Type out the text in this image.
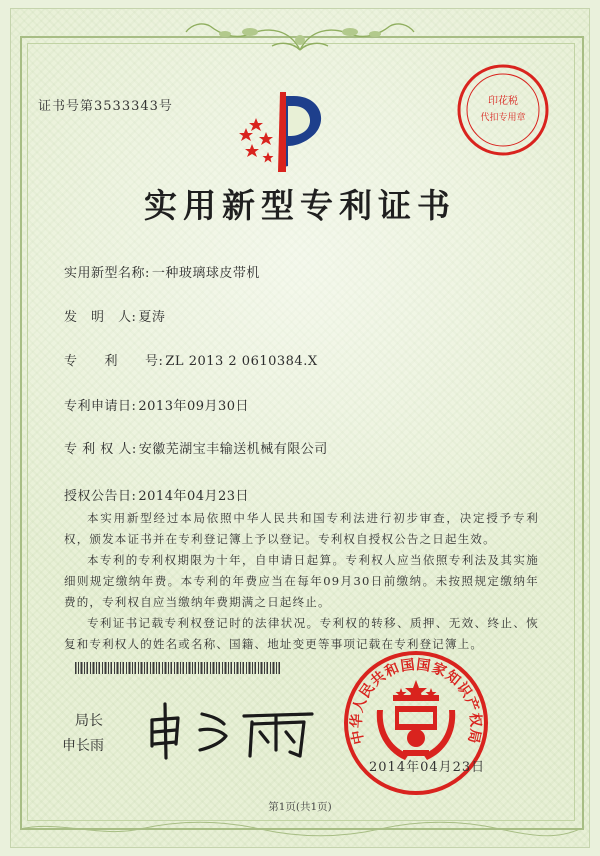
证书号第3533343号	印花税
代扣专用章
实用新型专利证书
实用新型名称: 一种玻璃球皮带机
发　明　人: 夏涛
专　　利　　号: ZL 2013 2 0610384.X
专利申请日: 2013年09月30日
专 利 权 人: 安徽芜湖宝丰输送机械有限公司
授权公告日: 2014年04月23日
本实用新型经过本局依照中华人民共和国专利法进行初步审查，决定授予专利权，颁发本证书并在专利登记簿上予以登记。专利权自授权公告之日起生效。
本专利的专利权期限为十年，自申请日起算。专利权人应当依照专利法及其实施细则规定缴纳年费。本专利的年费应当在每年09月30日前缴纳。未按照规定缴纳年费的，专利权自应当缴纳年费期满之日起终止。
专利证书记载专利权登记时的法律状况。专利权的转移、质押、无效、终止、恢复和专利权人的姓名或名称、国籍、地址变更等事项记载在专利登记簿上。
局长
申长雨
中华人民共和国国家知识产权局
2014年04月23日
第1页(共1页)
